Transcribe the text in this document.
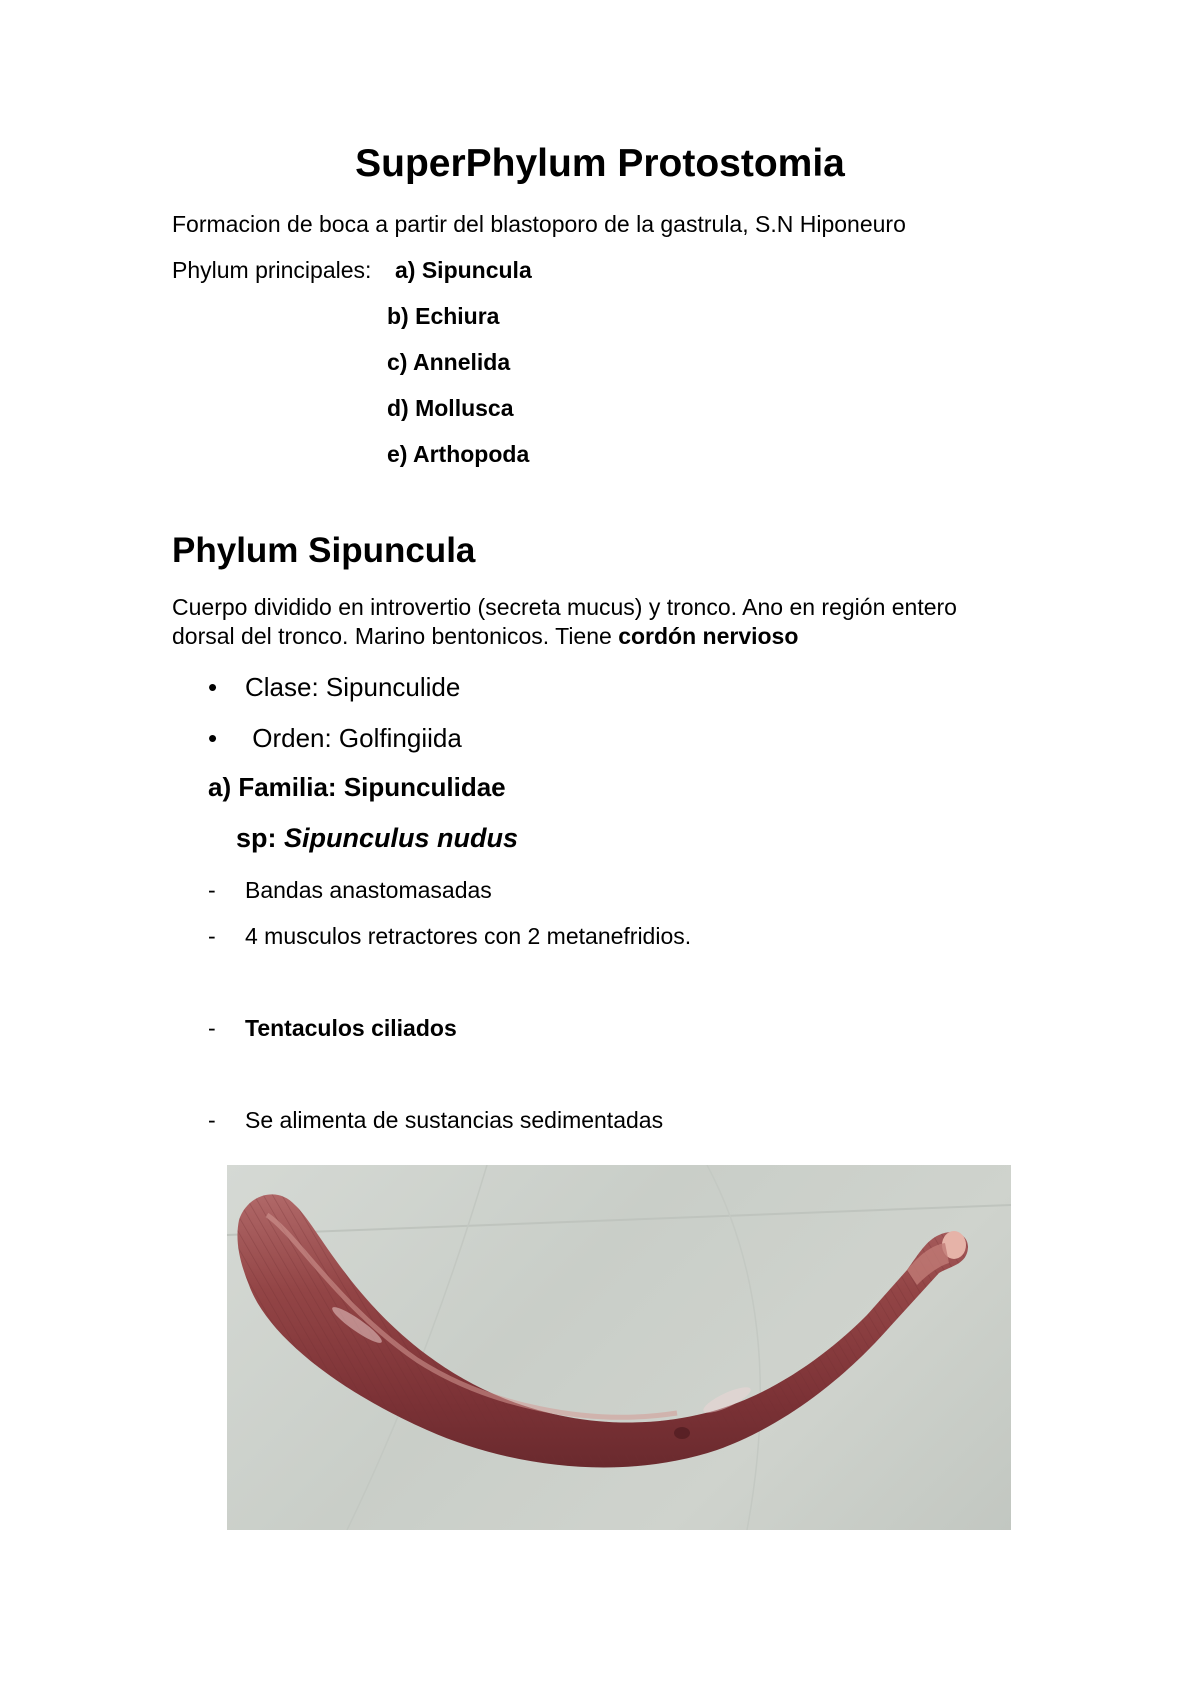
SuperPhylum Protostomia
Formacion de boca a partir del blastoporo de la gastrula, S.N Hiponeuro
Phylum principales: a) Sipuncula
b) Echiura
c) Annelida
d) Mollusca
e) Arthopoda
Phylum Sipuncula
Cuerpo dividido en introvertio (secreta mucus) y tronco. Ano en región entero
dorsal del tronco. Marino bentonicos. Tiene cordón nervioso
• Clase: Sipunculide
• Orden: Golfingiida
a) Familia: Sipunculidae
sp: Sipunculus nudus
- Bandas anastomasadas
- 4 musculos retractores con 2 metanefridios.
- Tentaculos ciliados
- Se alimenta de sustancias sedimentadas
